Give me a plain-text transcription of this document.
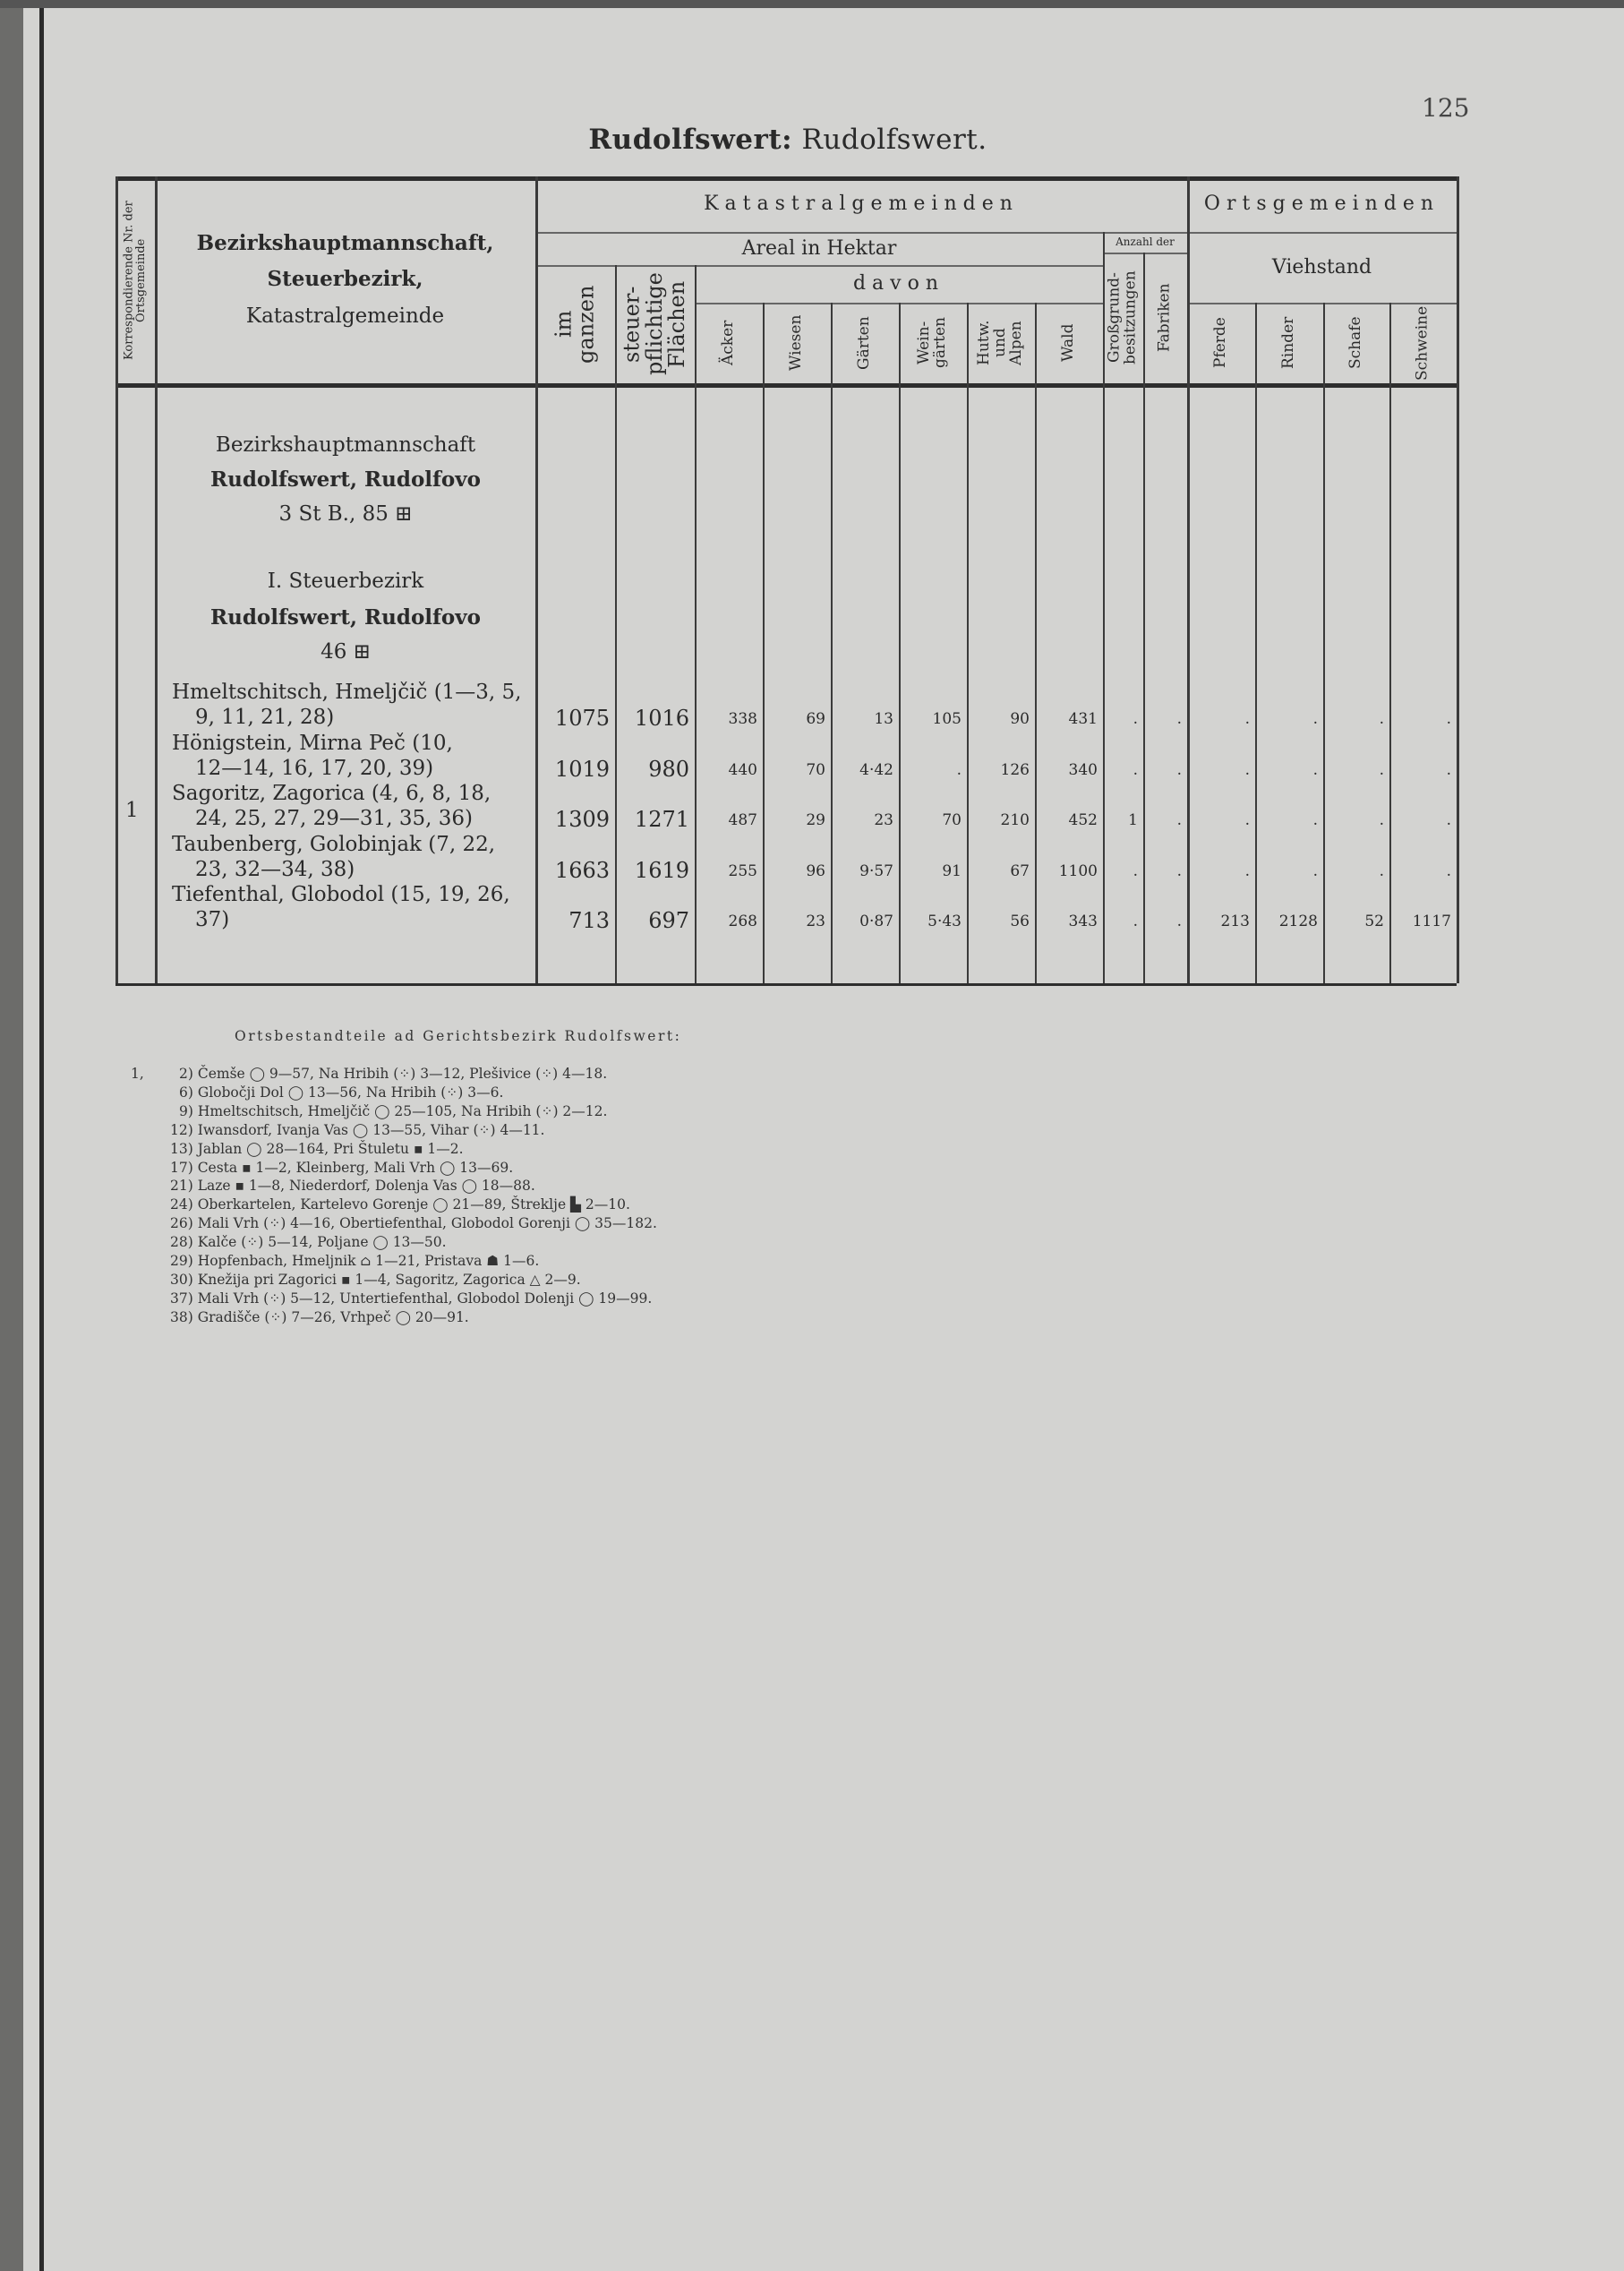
125
Rudolfswert: Rudolfswert.
Korrespondierende Nr. der Ortsgemeinde	Bezirkshauptmannschaft,
Steuerbezirk,
Katastralgemeinde
Katastralgemeinden	Ortsgemeinden
Areal in Hektar	Anzahl der
davon
Viehstand
im ganzen steuer-pflichtige Flächen	Äcker	Wiesen	Gärten	Wein-gärten	Hutw. und Alpen	Wald	Großgrund-besitzungen	Fabriken	Pferde	Rinder	Schafe	Schweine
Bezirkshauptmannschaft
Rudolfswert, Rudolfovo
3 St B., 85 ⊞
I. Steuerbezirk
Rudolfswert, Rudolfovo
46 ⊞
1
Hmeltschitsch, Hmeljčič (1—3, 5,
9, 11, 21, 28)	1075	1016	338	69	13	105	90	431	.	.	.	.	.	.
Hönigstein, Mirna Peč (10,
12—14, 16, 17, 20, 39)	1019	980	440	70	4·42	.	126	340	.	.	.	.	.	.
Sagoritz, Zagorica (4, 6, 8, 18,
24, 25, 27, 29—31, 35, 36)	1309	1271	487	29	23	70	210	452	1	.	.	.	.	.
Taubenberg, Golobinjak (7, 22,
23, 32—34, 38)	1663	1619	255	96	9·57	91	67	1100	.	.	.	.	.	.
Tiefenthal, Globodol (15, 19, 26,
37)	713	697	268	23	0·87	5·43	56	343	.	.	213	2128	52	1117
Ortsbestandteile ad Gerichtsbezirk Rudolfswert:
1,	2) Čemše ◯ 9—57, Na Hribih (⁘) 3—12, Plešivice (⁘) 4—18.
6) Globočji Dol ◯ 13—56, Na Hribih (⁘) 3—6.
9) Hmeltschitsch, Hmeljčič ◯ 25—105, Na Hribih (⁘) 2—12.
12) Iwansdorf, Ivanja Vas ◯ 13—55, Vihar (⁘) 4—11.
13) Jablan ◯ 28—164, Pri Štuletu ▪ 1—2.
17) Cesta ▪ 1—2, Kleinberg, Mali Vrh ◯ 13—69.
21) Laze ▪ 1—8, Niederdorf, Dolenja Vas ◯ 18—88.
24) Oberkartelen, Kartelevo Gorenje ◯ 21—89, Štreklje ▙ 2—10.
26) Mali Vrh (⁘) 4—16, Obertiefenthal, Globodol Gorenji ◯ 35—182.
28) Kalče (⁘) 5—14, Poljane ◯ 13—50.
29) Hopfenbach, Hmeljnik ⌂ 1—21, Pristava ☗ 1—6.
30) Knežija pri Zagorici ▪ 1—4, Sagoritz, Zagorica △ 2—9.
37) Mali Vrh (⁘) 5—12, Untertiefenthal, Globodol Dolenji ◯ 19—99.
38) Gradišče (⁘) 7—26, Vrhpeč ◯ 20—91.
